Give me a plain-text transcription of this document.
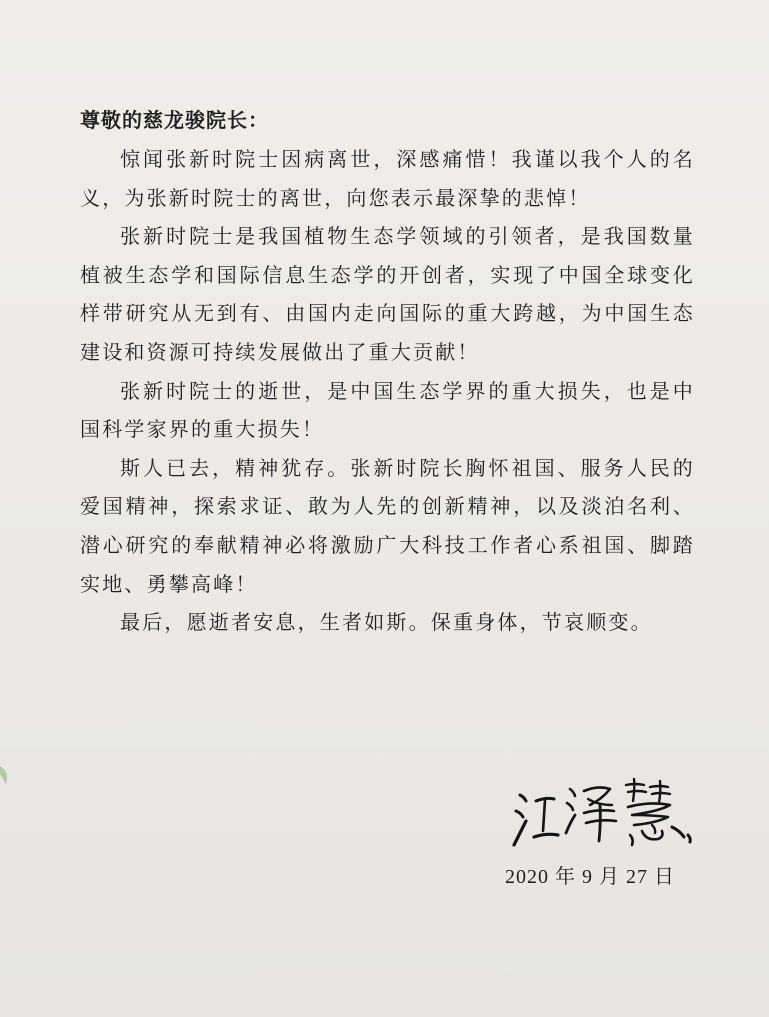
尊敬的慈龙骏院长：

惊闻张新时院士因病离世，深感痛惜！我谨以我个人的名义，为张新时院士的离世，向您表示最深挚的悲悼！

张新时院士是我国植物生态学领域的引领者，是我国数量植被生态学和国际信息生态学的开创者，实现了中国全球变化样带研究从无到有、由国内走向国际的重大跨越，为中国生态建设和资源可持续发展做出了重大贡献！

张新时院士的逝世，是中国生态学界的重大损失，也是中国科学家界的重大损失！

斯人已去，精神犹存。张新时院长胸怀祖国、服务人民的爱国精神，探索求证、敢为人先的创新精神，以及淡泊名利、潜心研究的奉献精神必将激励广大科技工作者心系祖国、脚踏实地、勇攀高峰！

最后，愿逝者安息，生者如斯。保重身体，节哀顺变。

2020 年 9 月 27 日
